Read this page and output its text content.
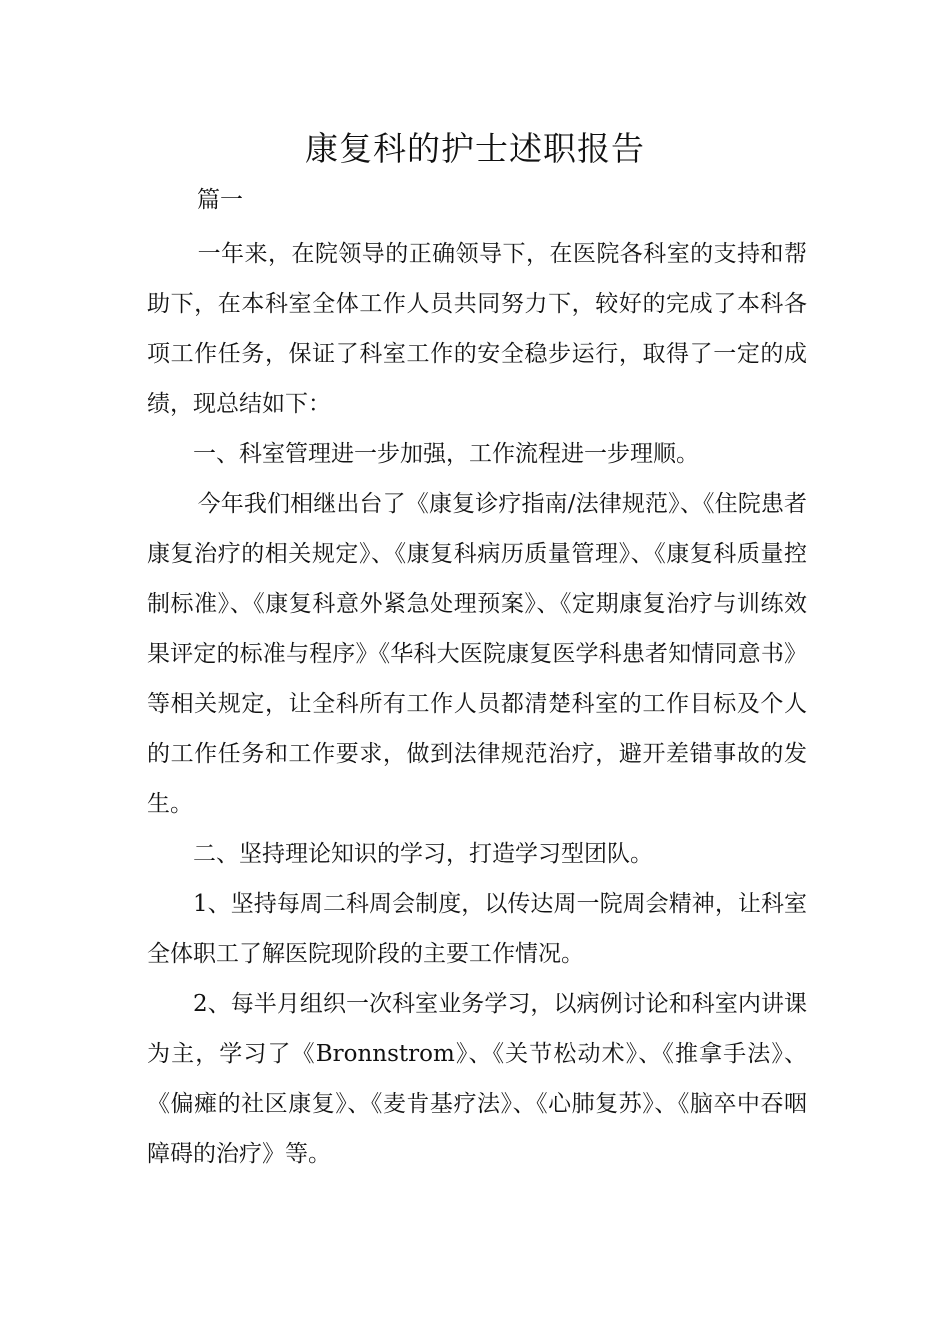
康复科的护士述职报告
篇一

一年来，在院领导的正确领导下，在医院各科室的支持和帮助下，在本科室全体工作人员共同努力下，较好的完成了本科各项工作任务，保证了科室工作的安全稳步运行，取得了一定的成绩，现总结如下：

一、科室管理进一步加强，工作流程进一步理顺。

今年我们相继出台了《康复诊疗指南/法律规范》、《住院患者康复治疗的相关规定》、《康复科病历质量管理》、《康复科质量控制标准》、《康复科意外紧急处理预案》、《定期康复治疗与训练效果评定的标准与程序》《华科大医院康复医学科患者知情同意书》等相关规定，让全科所有工作人员都清楚科室的工作目标及个人的工作任务和工作要求，做到法律规范治疗，避开差错事故的发生。

二、坚持理论知识的学习，打造学习型团队。

1、坚持每周二科周会制度，以传达周一院周会精神，让科室全体职工了解医院现阶段的主要工作情况。

2、每半月组织一次科室业务学习，以病例讨论和科室内讲课为主，学习了《Bronnstrom》、《关节松动术》、《推拿手法》、《偏瘫的社区康复》、《麦肯基疗法》、《心肺复苏》、《脑卒中吞咽障碍的治疗》等。
